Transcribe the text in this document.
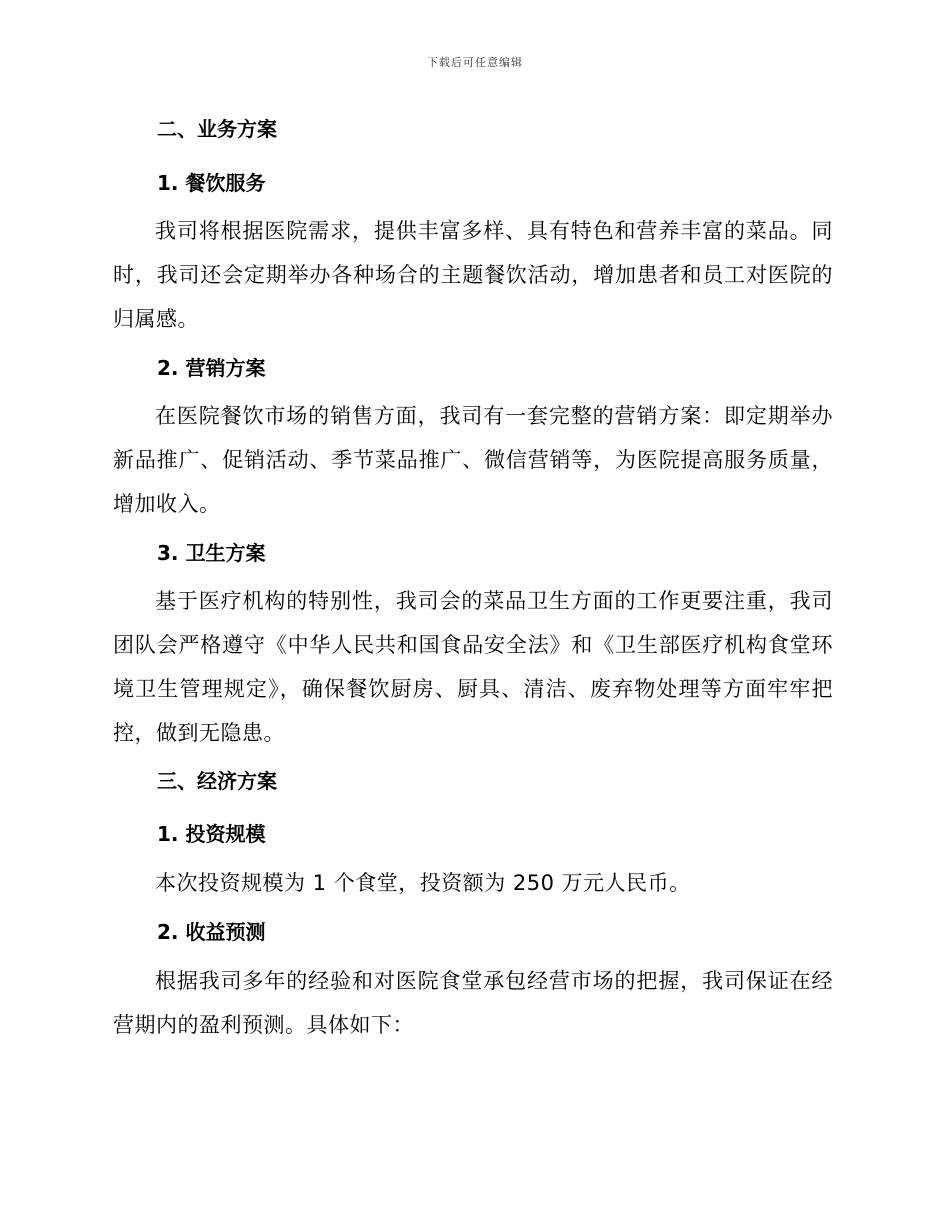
下载后可任意编辑

二、业务方案

1. 餐饮服务

我司将根据医院需求，提供丰富多样、具有特色和营养丰富的菜品。同时，我司还会定期举办各种场合的主题餐饮活动，增加患者和员工对医院的归属感。

2. 营销方案

在医院餐饮市场的销售方面，我司有一套完整的营销方案：即定期举办新品推广、促销活动、季节菜品推广、微信营销等，为医院提高服务质量，增加收入。

3. 卫生方案

基于医疗机构的特别性，我司会的菜品卫生方面的工作更要注重，我司团队会严格遵守《中华人民共和国食品安全法》和《卫生部医疗机构食堂环境卫生管理规定》，确保餐饮厨房、厨具、清洁、废弃物处理等方面牢牢把控，做到无隐患。

三、经济方案

1. 投资规模

本次投资规模为 1 个食堂，投资额为 250 万元人民币。

2. 收益预测

根据我司多年的经验和对医院食堂承包经营市场的把握，我司保证在经营期内的盈利预测。具体如下：
